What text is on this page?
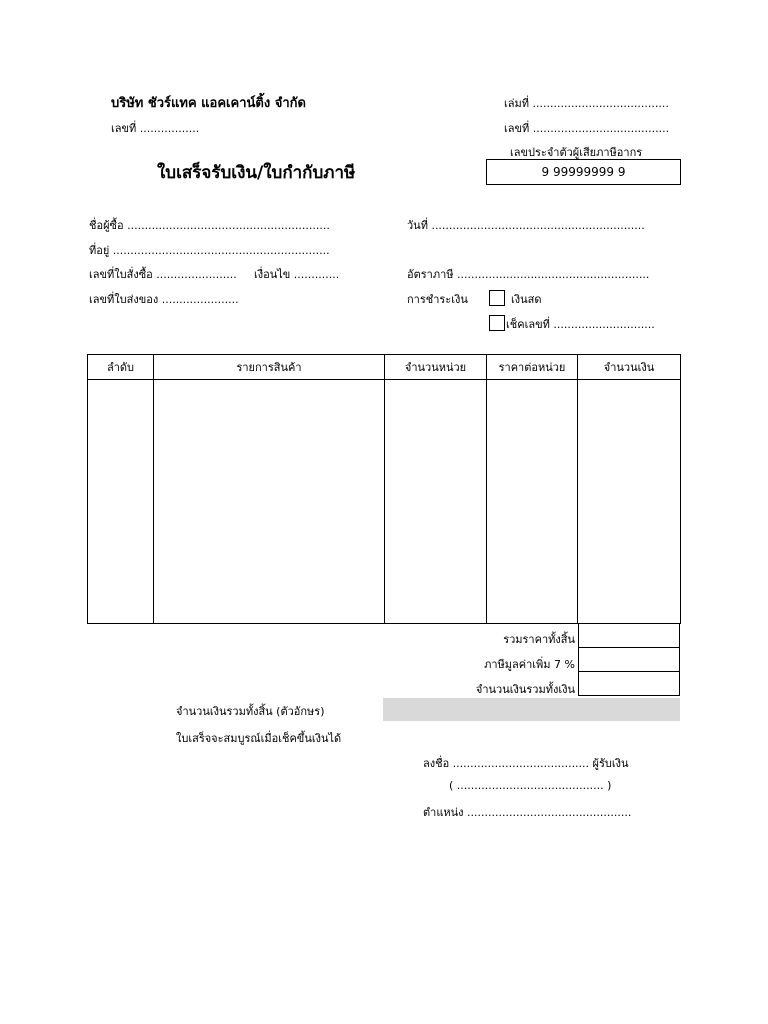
บริษัท ชัวร์แทค แอคเคาน์ติ้ง จำกัด
เลขที่ .................
เล่มที่ .......................................
เลขที่ .......................................
เลขประจำตัวผู้เสียภาษีอากร
ใบเสร็จรับเงิน/ใบกำกับภาษี	9 99999999 9
ชื่อผู้ซื้อ ..........................................................
ที่อยู่ ..............................................................
เลขที่ใบสั่งซื้อ ....................... เงื่อนไข .............
เลขที่ใบส่งของ ......................
วันที่ .............................................................
อัตราภาษี .......................................................
การชำระเงิน	เงินสด
เช็คเลขที่ .............................
ลำดับ	รายการสินค้า	จำนวนหน่วย	ราคาต่อหน่วย	จำนวนเงิน

รวมราคาทั้งสิ้น
ภาษีมูลค่าเพิ่ม 7 %
จำนวนเงินรวมทั้งเงิน
จำนวนเงินรวมทั้งสิ้น (ตัวอักษร)
ใบเสร็จจะสมบูรณ์เมื่อเช็คขึ้นเงินได้
ลงชื่อ ....................................... ผู้รับเงิน
( .......................................... )
ตำแหน่ง ...............................................
